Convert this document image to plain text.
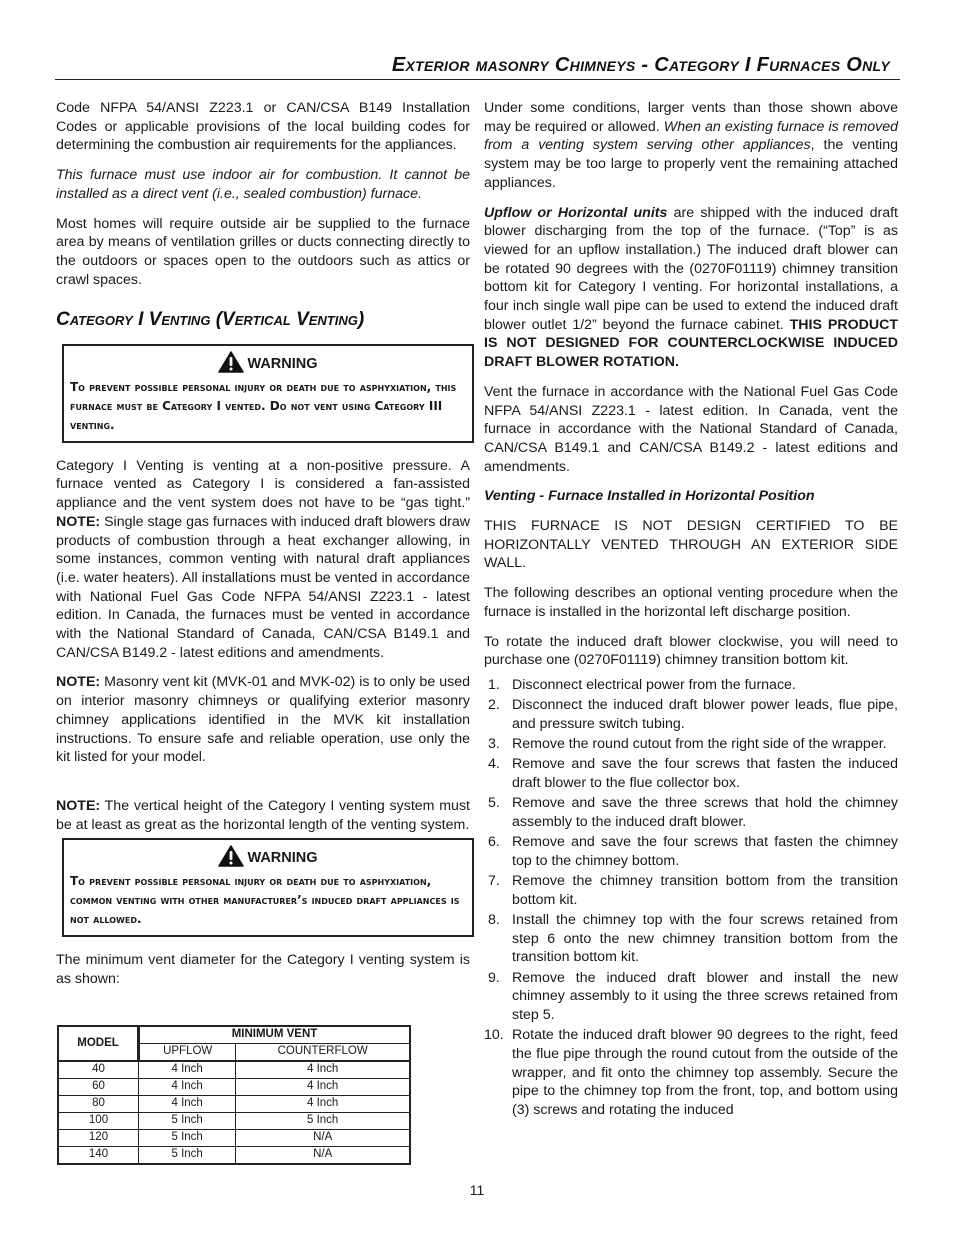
Exterior masonry Chimneys - Category I Furnaces Only

Code NFPA 54/ANSI Z223.1 or CAN/CSA B149 Installation Codes or applicable provisions of the local building codes for determining the combustion air requirements for the appliances.

This furnace must use indoor air for combustion. It cannot be installed as a direct vent (i.e., sealed combustion) furnace.

Most homes will require outside air be supplied to the furnace area by means of ventilation grilles or ducts connecting directly to the outdoors or spaces open to the outdoors such as attics or crawl spaces.

Category I Venting (Vertical Venting)
WARNING
To prevent possible personal injury or death due to asphyxiation, this furnace must be Category I vented. Do not vent using Category III venting.

Category I Venting is venting at a non-positive pressure. A furnace vented as Category I is considered a fan-assisted appliance and the vent system does not have to be “gas tight.” NOTE: Single stage gas furnaces with induced draft blowers draw products of combustion through a heat exchanger allowing, in some instances, common venting with natural draft appliances (i.e. water heaters). All installations must be vented in accordance with National Fuel Gas Code NFPA 54/ANSI Z223.1 - latest edition. In Canada, the furnaces must be vented in accordance with the National Standard of Canada, CAN/CSA B149.1 and CAN/CSA B149.2 - latest editions and amendments.

NOTE: Masonry vent kit (MVK-01 and MVK-02) is to only be used on interior masonry chimneys or qualifying exterior masonry chimney applications identified in the MVK kit installation instructions. To ensure safe and reliable operation, use only the kit listed for your model.

NOTE: The vertical height of the Category I venting system must be at least as great as the horizontal length of the venting system.

WARNING
To prevent possible personal injury or death due to asphyxiation, common venting with other manufacturer’s induced draft appliances is not allowed.

The minimum vent diameter for the Category I venting system is as shown:

MODEL	MINIMUM VENT	
	UPFLOW	COUNTERFLOW
40	4 Inch	4 Inch
60	4 Inch	4 Inch
80	4 Inch	4 Inch
100	5 Inch	5 Inch
120	5 Inch	N/A
140	5 Inch	N/A

Under some conditions, larger vents than those shown above may be required or allowed. When an existing furnace is removed from a venting system serving other appliances, the venting system may be too large to properly vent the remaining attached appliances.

Upflow or Horizontal units are shipped with the induced draft blower discharging from the top of the furnace. (“Top” is as viewed for an upflow installation.) The induced draft blower can be rotated 90 degrees with the (0270F01119) chimney transition bottom kit for Category I venting. For horizontal installations, a four inch single wall pipe can be used to extend the induced draft blower outlet 1/2” beyond the furnace cabinet. THIS PRODUCT IS NOT DESIGNED FOR COUNTERCLOCKWISE INDUCED DRAFT BLOWER ROTATION.

Vent the furnace in accordance with the National Fuel Gas Code NFPA 54/ANSI Z223.1 - latest edition. In Canada, vent the furnace in accordance with the National Standard of Canada, CAN/CSA B149.1 and CAN/CSA B149.2 - latest editions and amendments.

Venting - Furnace Installed in Horizontal Position

THIS FURNACE IS NOT DESIGN CERTIFIED TO BE HORIZONTALLY VENTED THROUGH AN EXTERIOR SIDE WALL.

The following describes an optional venting procedure when the furnace is installed in the horizontal left discharge position.

To rotate the induced draft blower clockwise, you will need to purchase one (0270F01119) chimney transition bottom kit.

1. Disconnect electrical power from the furnace.
2. Disconnect the induced draft blower power leads, flue pipe, and pressure switch tubing.
3. Remove the round cutout from the right side of the wrapper.
4. Remove and save the four screws that fasten the induced draft blower to the flue collector box.
5. Remove and save the three screws that hold the chimney assembly to the induced draft blower.
6. Remove and save the four screws that fasten the chimney top to the chimney bottom.
7. Remove the chimney transition bottom from the transition bottom kit.
8. Install the chimney top with the four screws retained from step 6 onto the new chimney transition bottom from the transition bottom kit.
9. Remove the induced draft blower and install the new chimney assembly to it using the three screws retained from step 5.
10. Rotate the induced draft blower 90 degrees to the right, feed the flue pipe through the round cutout from the outside of the wrapper, and fit onto the chimney top assembly. Secure the pipe to the chimney top from the front, top, and bottom using (3) screws and rotating the induced
11
